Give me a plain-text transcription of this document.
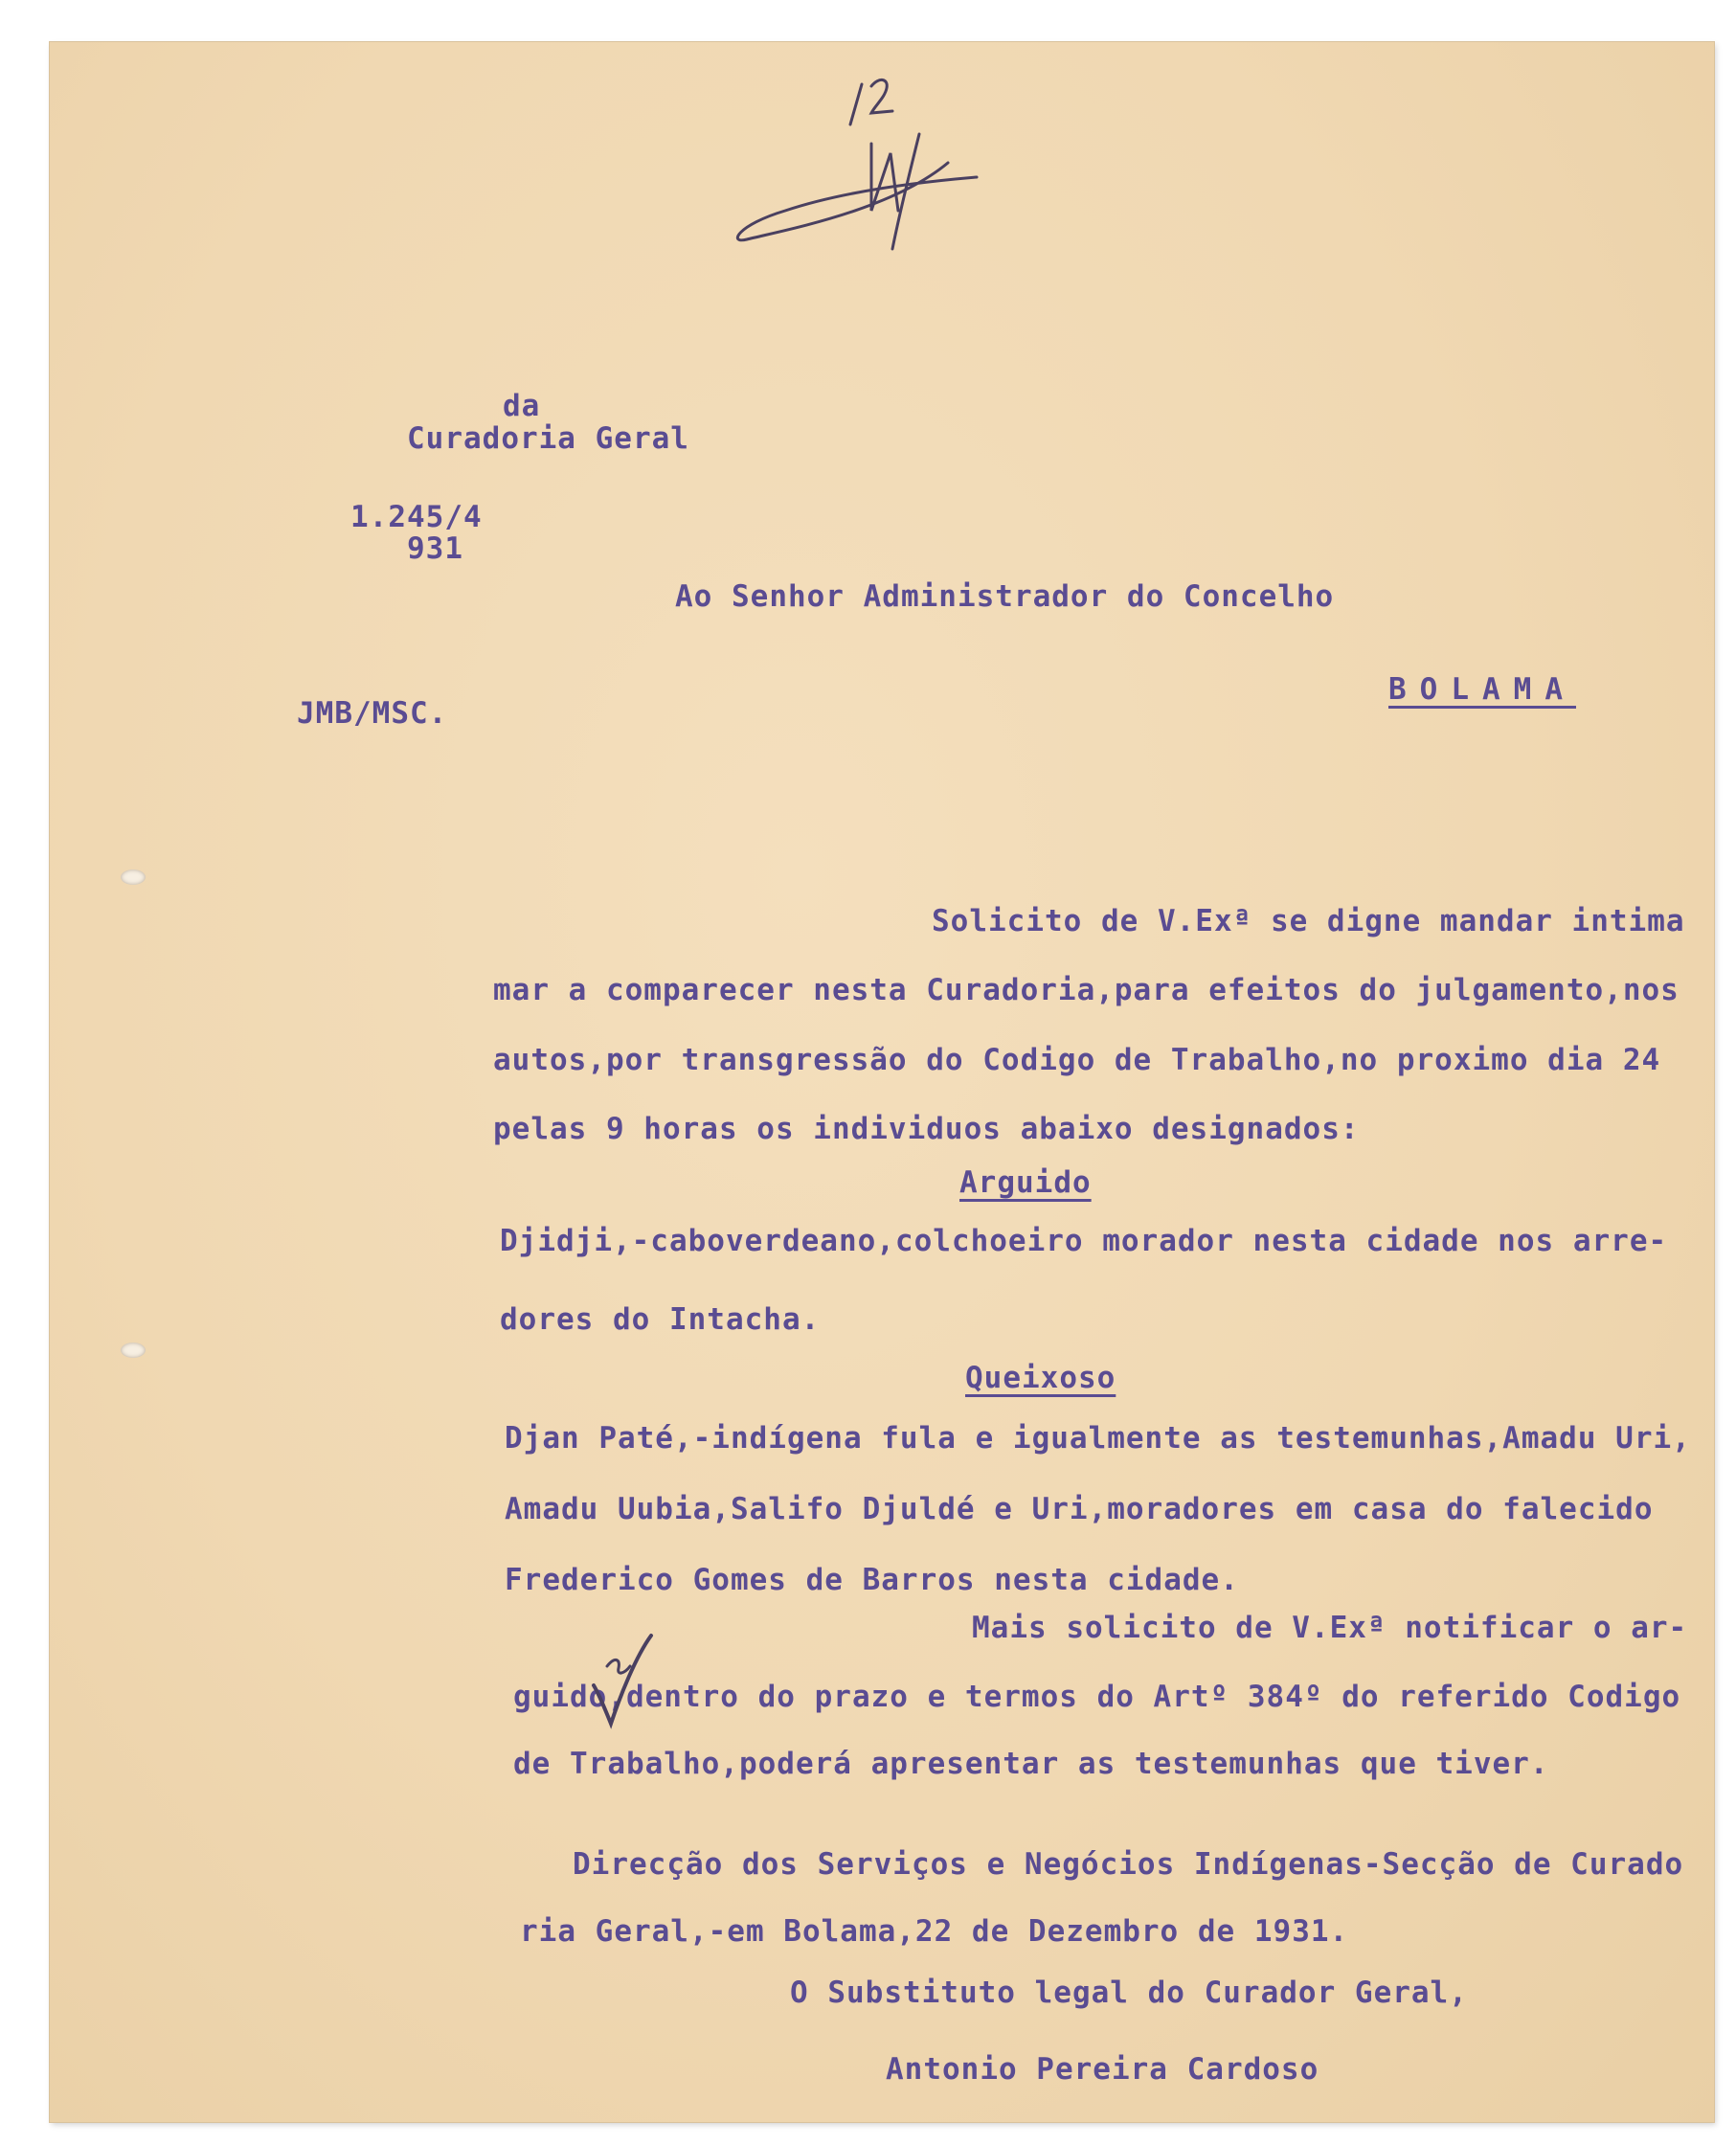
da
Curadoria Geral
1.245/4
931
JMB/MSC.
Ao Senhor Administrador do Concelho
BOLAMA
Solicito de V.Exª se digne mandar intima
mar a comparecer nesta Curadoria,para efeitos do julgamento,nos
autos,por transgressão do Codigo de Trabalho,no proximo dia 24
pelas 9 horas os individuos abaixo designados:
Arguido
Djidji,-caboverdeano,colchoeiro morador nesta cidade nos arre-
dores do Intacha.
Queixoso
Djan Paté,-indígena fula e igualmente as testemunhas,Amadu Uri,
Amadu Uubia,Salifo Djuldé e Uri,moradores em casa do falecido
Frederico Gomes de Barros nesta cidade.
Mais solicito de V.Exª notificar o ar-
guido,dentro do prazo e termos do Artº 384º do referido Codigo
de Trabalho,poderá apresentar as testemunhas que tiver.
Direcção dos Serviços e Negócios Indígenas-Secção de Curado
ria Geral,-em Bolama,22 de Dezembro de 1931.
O Substituto legal do Curador Geral,
Antonio Pereira Cardoso
